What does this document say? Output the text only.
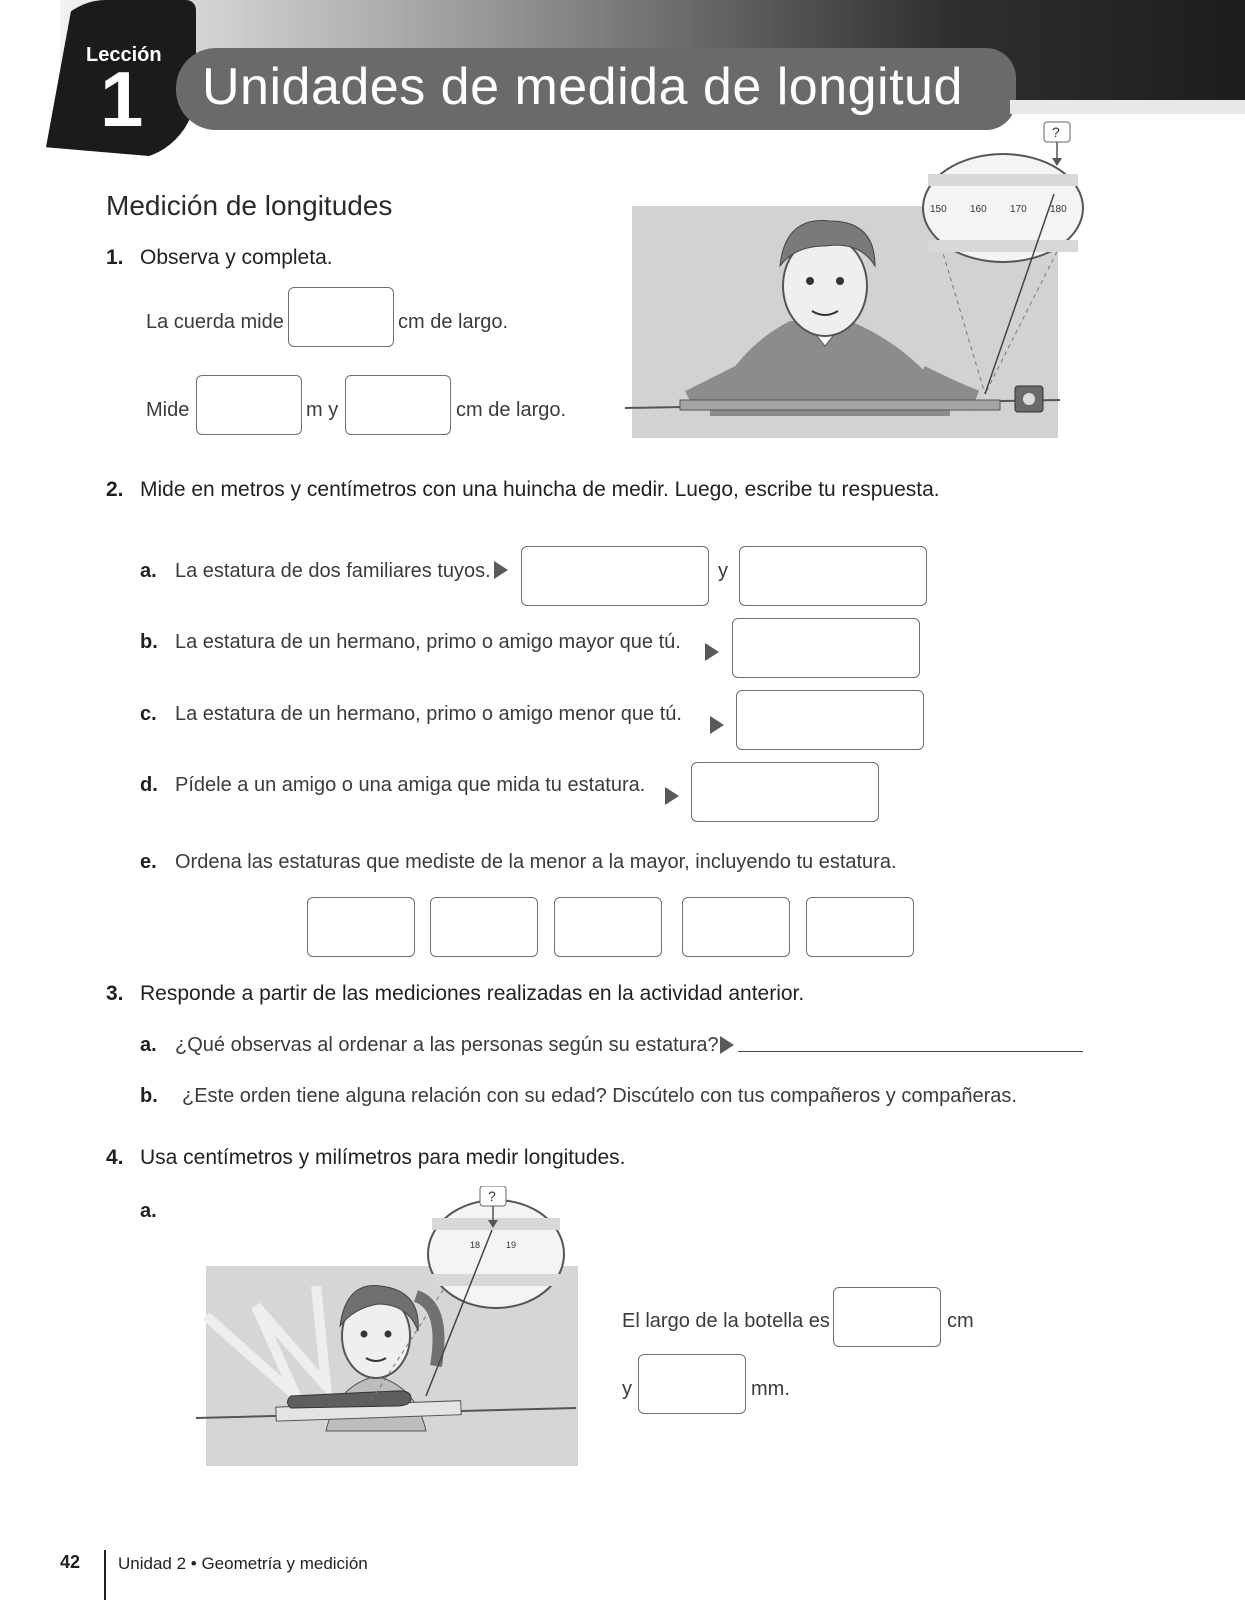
Lección
1 Unidades de medida de longitud
Medición de longitudes
1. Observa y completa.
La cuerda mide	cm de largo.
Mide	m y	cm de largo.
150 160 170 180
?
2. Mide en metros y centímetros con una huincha de medir. Luego, escribe tu respuesta.
a. La estatura de dos familiares tuyos.	y
b. La estatura de un hermano, primo o amigo mayor que tú.
c. La estatura de un hermano, primo o amigo menor que tú.
d. Pídele a un amigo o una amiga que mida tu estatura.
e. Ordena las estaturas que mediste de la menor a la mayor, incluyendo tu estatura.
3. Responde a partir de las mediciones realizadas en la actividad anterior.
a. ¿Qué observas al ordenar a las personas según su estatura?
b. ¿Este orden tiene alguna relación con su edad? Discútelo con tus compañeros y compañeras.
4. Usa centímetros y milímetros para medir longitudes.
a.
18	19
?
El largo de la botella es	cm
y	mm.
42 Unidad 2 • Geometría y medición
